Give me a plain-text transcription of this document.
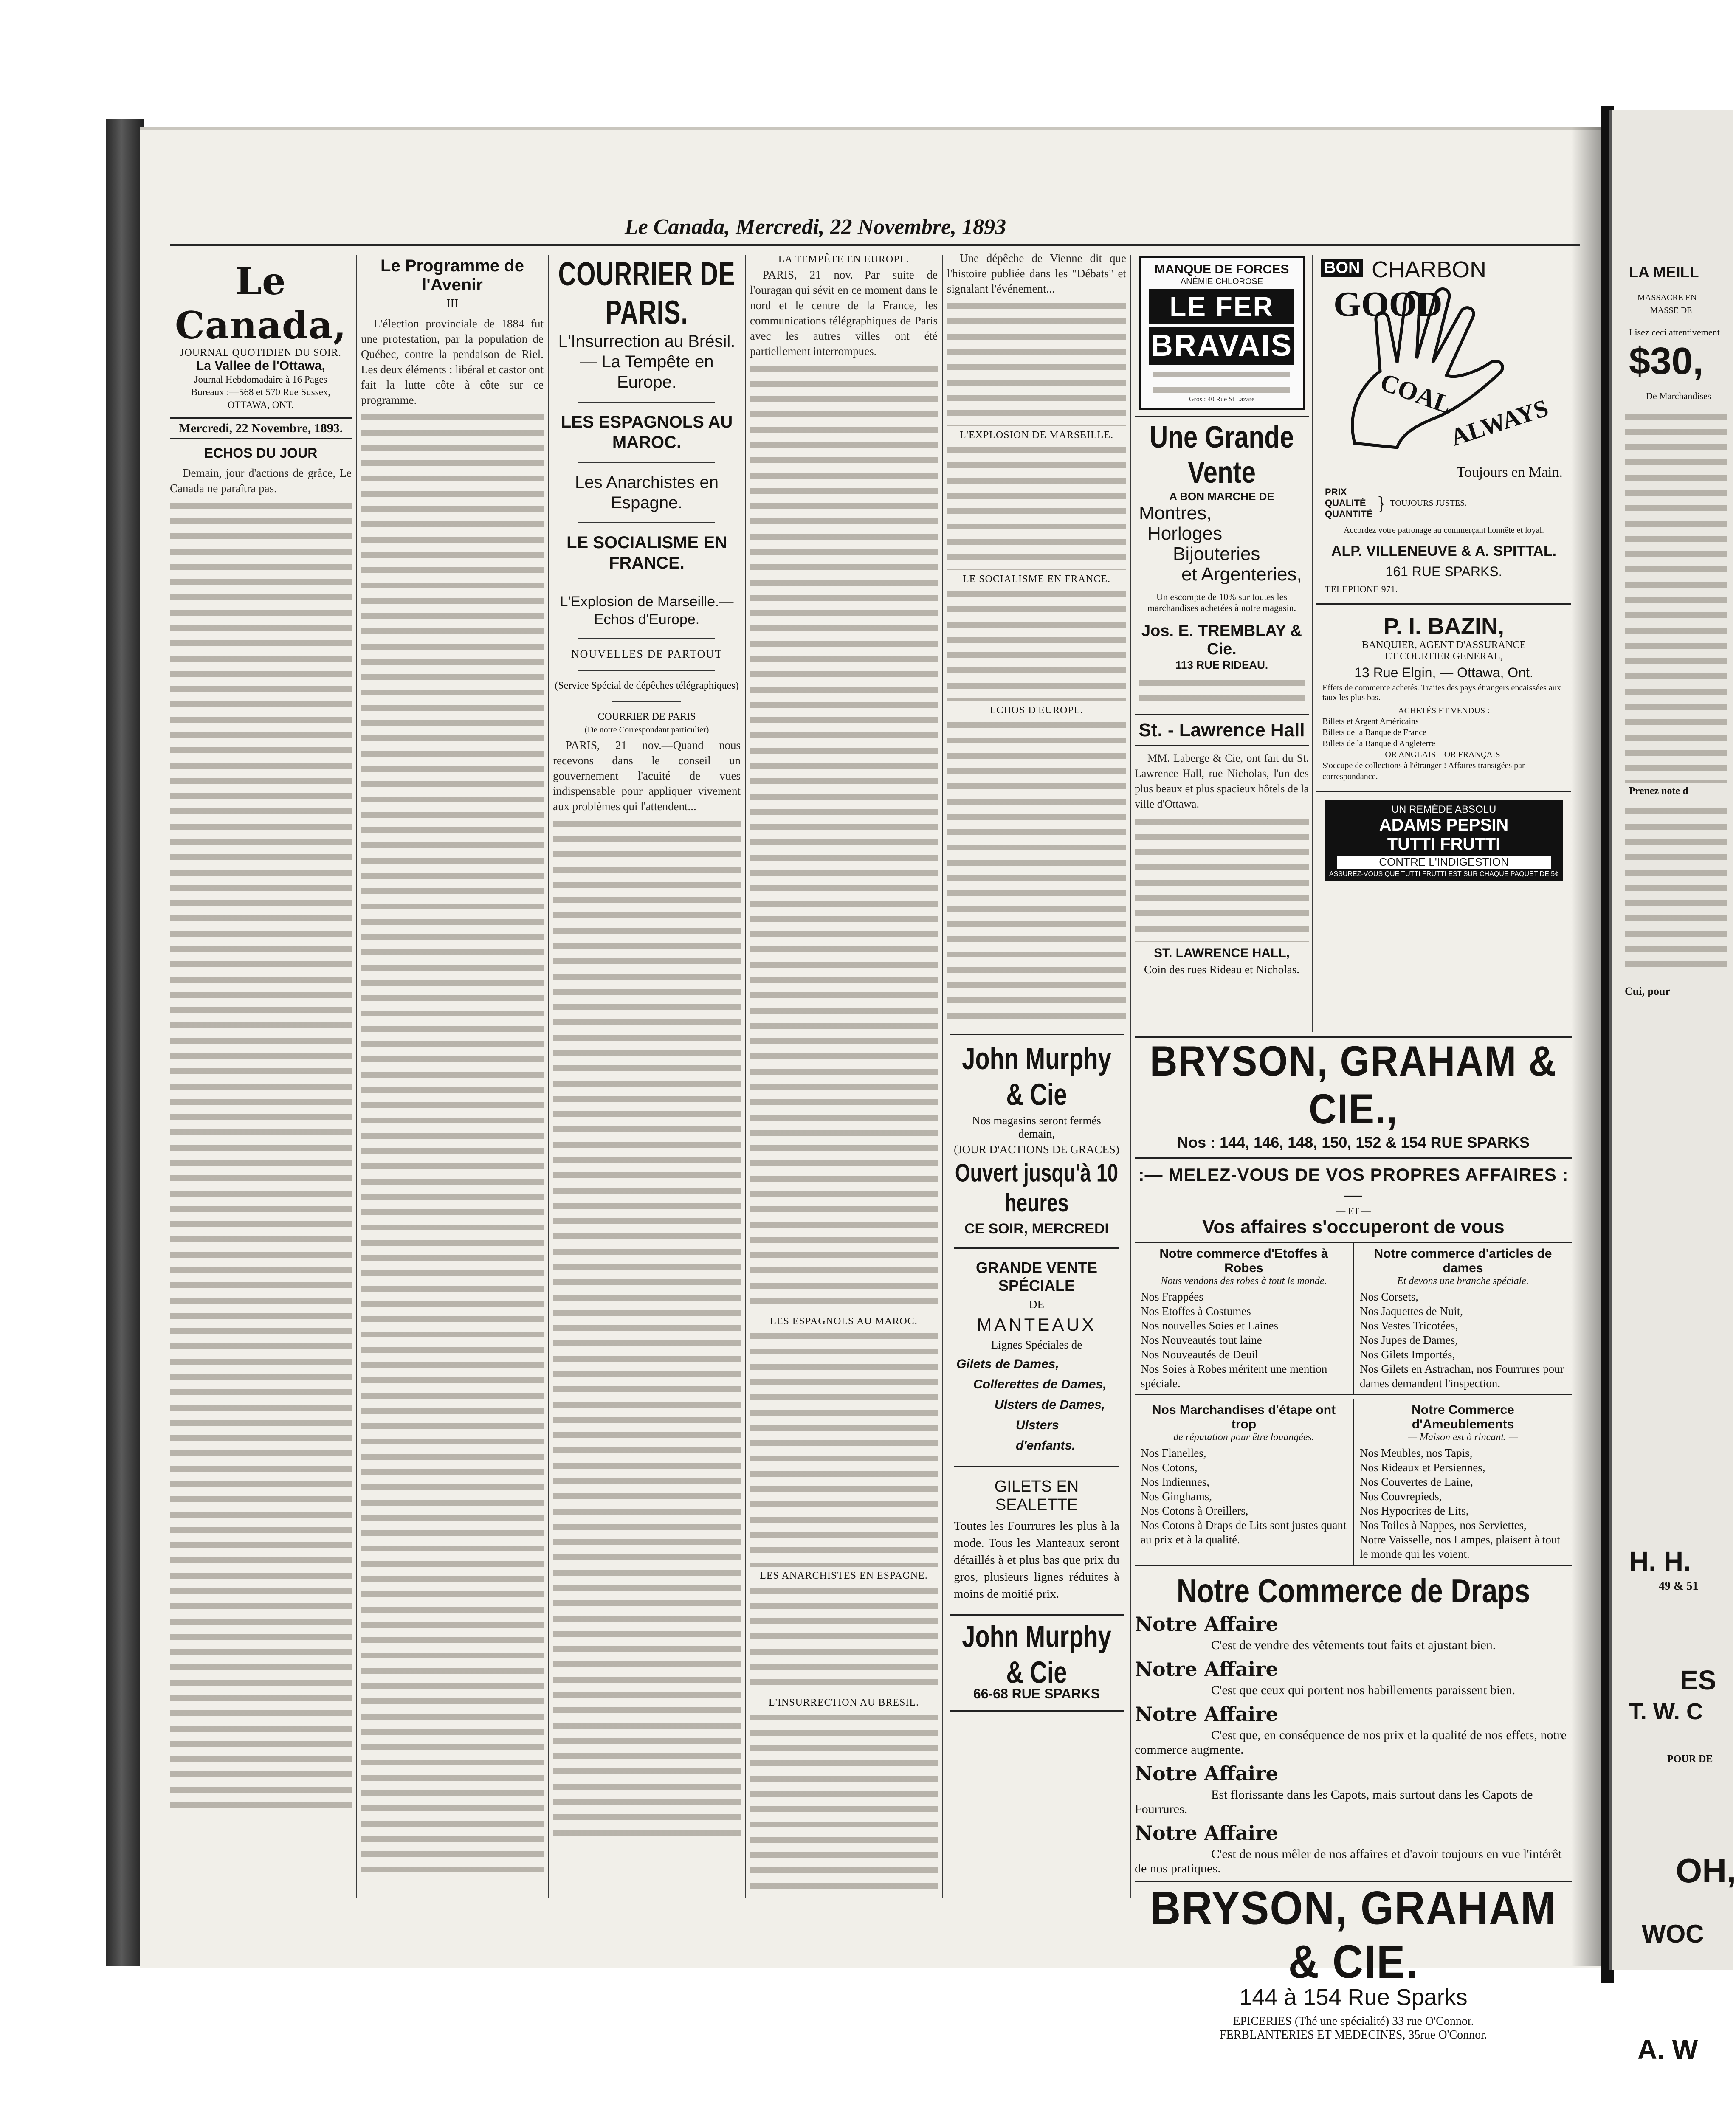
LA MEILL
MASSACRE EN
MASSE DE
Lisez ceci attentivement
$30,
De Marchandises
Prenez note d
Cui, pour
H. H.
49 & 51
ES
T. W. C
POUR DE
OH,
WOC
A. W
Le Canada, Mercredi, 22 Novembre, 1893
Le Canada,
JOURNAL QUOTIDIEN DU SOIR.
La Vallee de l'Ottawa,
Journal Hebdomadaire à 16 Pages
Bureaux :—568 et 570 Rue Sussex,
OTTAWA, ONT.
Mercredi, 22 Novembre, 1893.
ECHOS DU JOUR

Demain, jour d'actions de grâce, Le Canada ne paraîtra pas.

Le Programme de l'Avenir
III

L'élection provinciale de 1884 fut une protestation, par la population de Québec, contre la pendaison de Riel. Les deux éléments : libéral et castor ont fait la lutte côte à côte sur ce programme.

COURRIER DE PARIS.
L'Insurrection au Brésil.— La Tempête en Europe.
LES ESPAGNOLS AU MAROC.
Les Anarchistes en Espagne.
LE SOCIALISME EN FRANCE.
L'Explosion de Marseille.— Echos d'Europe.
NOUVELLES DE PARTOUT
(Service Spécial de dépêches télégraphiques)
COURRIER DE PARIS
(De notre Correspondant particulier)

PARIS, 21 nov.—Quand nous recevons dans le conseil un gouvernement l'acuité de vues indispensable pour appliquer vivement aux problèmes qui l'attendent...

LA TEMPÊTE EN EUROPE.

PARIS, 21 nov.—Par suite de l'ouragan qui sévit en ce moment dans le nord et le centre de la France, les communications télégraphiques de Paris avec les autres villes ont été partiellement interrompues.

LES ESPAGNOLS AU MAROC.
LES ANARCHISTES EN ESPAGNE.
L'INSURRECTION AU BRESIL.

Une dépêche de Vienne dit que l'histoire publiée dans les "Débats" et signalant l'événement...

L'EXPLOSION DE MARSEILLE.
LE SOCIALISME EN FRANCE.
ECHOS D'EUROPE.
John Murphy & Cie
Nos magasins seront fermés demain,
(JOUR D'ACTIONS DE GRACES)
Ouvert jusqu'à 10 heures
CE SOIR, MERCREDI
GRANDE VENTE SPÉCIALE
DE
MANTEAUX
— Lignes Spéciales de —
Gilets de Dames,
Collerettes de Dames,
Ulsters de Dames,
Ulsters d'enfants.
GILETS EN SEALETTE
Toutes les Fourrures les plus à la mode. Tous les Manteaux seront détaillés à et plus bas que prix du gros, plusieurs lignes réduites à moins de moitié prix.
John Murphy & Cie
66-68 RUE SPARKS
MANQUE DE FORCES
ANÉMIE CHLOROSE
LE FER
BRAVAIS
Gros : 40 Rue St Lazare
Une Grande Vente
A BON MARCHE DE
Montres,
Horloges
Bijouteries
et Argenteries,
Un escompte de 10% sur toutes les marchandises achetées à notre magasin.
Jos. E. TREMBLAY & Cie.
113 RUE RIDEAU.
St. - Lawrence Hall

MM. Laberge & Cie, ont fait du St. Lawrence Hall, rue Nicholas, l'un des plus beaux et plus spacieux hôtels de la ville d'Ottawa.

ST. LAWRENCE HALL,
Coin des rues Rideau et Nicholas.
BON CHARBON
GOOD
COAL
ALWAYS
Toujours en Main.
PRIX
QUALITÉ
QUANTITÉ
} TOUJOURS JUSTES.
Accordez votre patronage au commerçant honnête et loyal.
ALP. VILLENEUVE & A. SPITTAL.
161 RUE SPARKS.
TELEPHONE 971.
P. I. BAZIN,
BANQUIER, AGENT D'ASSURANCE
ET COURTIER GENERAL,
13 Rue Elgin, — Ottawa, Ont.
Effets de commerce achetés. Traites des pays étrangers encaissées aux taux les plus bas.
ACHETÉS ET VENDUS :
Billets et Argent Américains
Billets de la Banque de France
Billets de la Banque d'Angleterre
OR ANGLAIS—OR FRANÇAIS—
S'occupe de collections à l'étranger ! Affaires transigées par correspondance.
UN REMÈDE ABSOLU
ADAMS PEPSIN
TUTTI FRUTTI
CONTRE L'INDIGESTION
ASSUREZ-VOUS QUE TUTTI FRUTTI EST SUR CHAQUE PAQUET DE 5¢
BRYSON, GRAHAM & CIE.,
Nos : 144, 146, 148, 150, 152 & 154 RUE SPARKS
:— MELEZ-VOUS DE VOS PROPRES AFFAIRES :—
— ET —
Vos affaires s'occuperont de vous
Notre commerce d'Etoffes à Robes
Nous vendons des robes à tout le monde.
Nos Frappées
Nos Etoffes à Costumes
Nos nouvelles Soies et Laines
Nos Nouveautés tout laine
Nos Nouveautés de Deuil
Nos Soies à Robes méritent une mention spéciale.
Notre commerce d'articles de dames
Et devons une branche spéciale.
Nos Corsets,
Nos Jaquettes de Nuit,
Nos Vestes Tricotées,
Nos Jupes de Dames,
Nos Gilets Importés,
Nos Gilets en Astrachan, nos Fourrures pour dames demandent l'inspection.
Nos Marchandises d'étape ont trop
de réputation pour être louangées.
Nos Flanelles,
Nos Cotons,
Nos Indiennes,
Nos Ginghams,
Nos Cotons à Oreillers,
Nos Cotons à Draps de Lits sont justes quant au prix et à la qualité.
Notre Commerce d'Ameublements
— Maison est ò rincant. —
Nos Meubles, nos Tapis,
Nos Rideaux et Persiennes,
Nos Couvertes de Laine,
Nos Couvrepieds,
Nos Hypocrites de Lits,
Nos Toiles à Nappes, nos Serviettes,
Notre Vaisselle, nos Lampes, plaisent à tout le monde qui les voient.
Notre Commerce de Draps
Notre Affaire
C'est de vendre des vêtements tout faits et ajustant bien.
Notre Affaire
C'est que ceux qui portent nos habillements paraissent bien.
Notre Affaire
C'est que, en conséquence de nos prix et la qualité de nos effets, notre commerce augmente.
Notre Affaire
Est florissante dans les Capots, mais surtout dans les Capots de Fourrures.
Notre Affaire
C'est de nous mêler de nos affaires et d'avoir toujours en vue l'intérêt de nos pratiques.
BRYSON, GRAHAM & CIE.
144 à 154 Rue Sparks
EPICERIES (Thé une spécialité) 33 rue O'Connor.
FERBLANTERIES ET MEDECINES, 35rue O'Connor.
